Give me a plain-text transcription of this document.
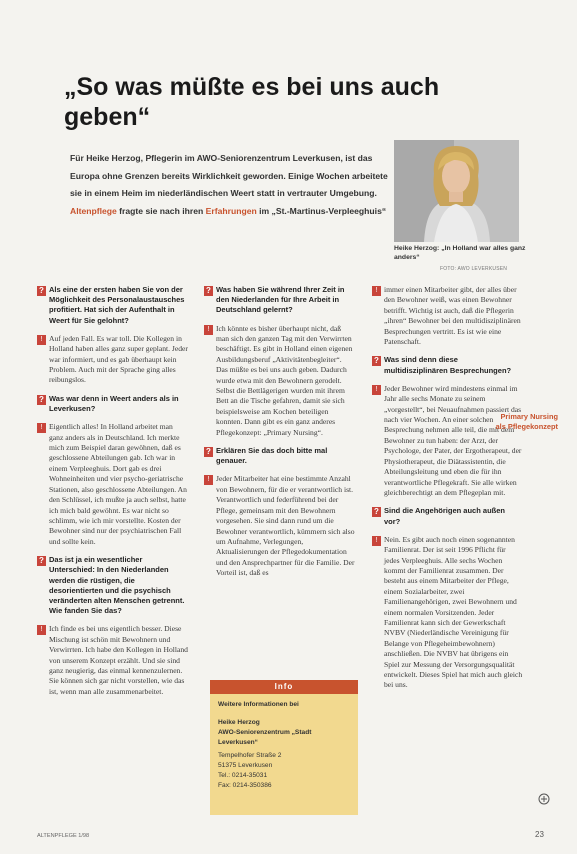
„So was müßte es bei uns auch geben“

Für Heike Herzog, Pflegerin im AWO-Seniorenzentrum Leverkusen, ist das Europa ohne Grenzen bereits Wirklichkeit geworden. Einige Wochen arbeitete sie in einem Heim im niederländischen Weert statt in vertrauter Umgebung. Altenpflege fragte sie nach ihren Erfahrungen im „St.-Martinus-Verpleeghuis“

Heike Herzog: „In Holland war alles ganz anders“
FOTO: AWO LEVERKUSEN

? Als eine der ersten haben Sie von der Möglichkeit des Personalaustausches profitiert. Hat sich der Aufenthalt in Weert für Sie gelohnt?

! Auf jeden Fall. Es war toll. Die Kollegen in Holland haben alles ganz super geplant. Jeder war informiert, und es gab überhaupt kein Problem. Auch mit der Sprache ging alles reibungslos.

? Was war denn in Weert anders als in Leverkusen?

! Eigentlich alles! In Holland arbeitet man ganz anders als in Deutschland. Ich merkte mich zum Beispiel daran gewöhnen, daß es geschlossene Abteilungen gab. Ich war in einem Verpleeghuis. Dort gab es drei Wohneinheiten und vier psycho-geriatrische Stationen, also geschlossene Abteilungen. An den Schlüssel, ich mußte ja auch selbst, hatte ich mich bald gewöhnt. Es war nicht so schlimm, wie ich mir vorstellte. Kosten der Bewohner sind nur der psychiatrischen Fall und sollte kein.

? Das ist ja ein wesentlicher Unterschied: In den Niederlanden werden die rüstigen, die desorientierten und die psychisch veränderten alten Menschen getrennt. Wie fanden Sie das?

! Ich finde es bei uns eigentlich besser. Diese Mischung ist schön mit Bewohnern und Verwirrten. Ich habe den Kollegen in Holland von unserem Konzept erzählt. Und sie sind ganz neugierig, das einmal kennenzulernen. Sie können sich gar nicht vorstellen, wie das ist, wenn man alle zusammenarbeitet.

? Was haben Sie während Ihrer Zeit in den Niederlanden für Ihre Arbeit in Deutschland gelernt?

! Ich könnte es bisher überhaupt nicht, daß man sich den ganzen Tag mit den Verwirrten beschäftigt. Es gibt in Holland einen eigenen Ausbildungsberuf „Aktivitätenbegleiter“. Das müßte es bei uns auch geben. Dadurch wurde etwa mit den Bewohnern gerodelt. Selbst die Bettlägerigen wurden mit ihrem Bett an die Tische gefahren, damit sie sich beispielsweise am Kochen beteiligen konnten. Dann gibt es ein ganz anderes Pflegekonzept: „Primary Nursing“.

? Erklären Sie das doch bitte mal genauer.

! Jeder Mitarbeiter hat eine bestimmte Anzahl von Bewohnern, für die er verantwortlich ist. Verantwortlich und federführend bei der Pflege, gemeinsam mit den Bewohnern vorgesehen. Sie sind dann rund um die Bewohner verantwortlich, kümmern sich also um Aufnahme, Verlegungen, Aktualisierungen der Pflegedokumentation und den Ansprechpartner für die Familie. Der Vorteil ist, daß es

! immer einen Mitarbeiter gibt, der alles über den Bewohner weiß, was einen Bewohner betrifft. Wichtig ist auch, daß die Pflegerin „ihren“ Bewohner bei den multidisziplinären Besprechungen vertritt. Es ist wie eine Patenschaft.

? Was sind denn diese multidisziplinären Besprechungen?

! Jeder Bewohner wird mindestens einmal im Jahr alle sechs Monate zu seinem „vorgestellt“, bei Neuaufnahmen passiert das nach vier Wochen. An einer solchen Besprechung nehmen alle teil, die mit dem Bewohner zu tun haben: der Arzt, der Psychologe, der Pater, der Ergotherapeut, der Physiotherapeut, die Diätassistentin, die Abteilungsleitung und eben die für ihn verantwortliche Pflegekraft. Sie alle wirken gleichberechtigt an dem Pflegeplan mit.

? Sind die Angehörigen auch außen vor?

! Nein. Es gibt auch noch einen sogenannten Familienrat. Der ist seit 1996 Pflicht für jedes Verpleeghuis. Alle sechs Wochen kommt der Familienrat zusammen. Der besteht aus einem Mitarbeiter der Pflege, einem Sozialarbeiter, zwei Familienangehörigen, zwei Bewohnern und einem normalen Vorsitzenden. Jeder Familienrat kann sich der Gewerkschaft NVBV (Niederländische Vereinigung für Belange von Pflegeheimbewohnern) anschließen. Die NVBV hat übrigens ein Spiel zur Messung der Versorgungsqualität entwickelt. Dieses Spiel hat mich auch gleich bei uns.

Primary Nursing als Pflegekonzept
Info

Weitere Informationen bei

Heike Herzog

AWO-Seniorenzentrum „Stadt Leverkusen“

Tempelhofer Straße 2

51375 Leverkusen

Tel.: 0214-35031

Fax: 0214-350386

ALTENPFLEGE 1/98	23
